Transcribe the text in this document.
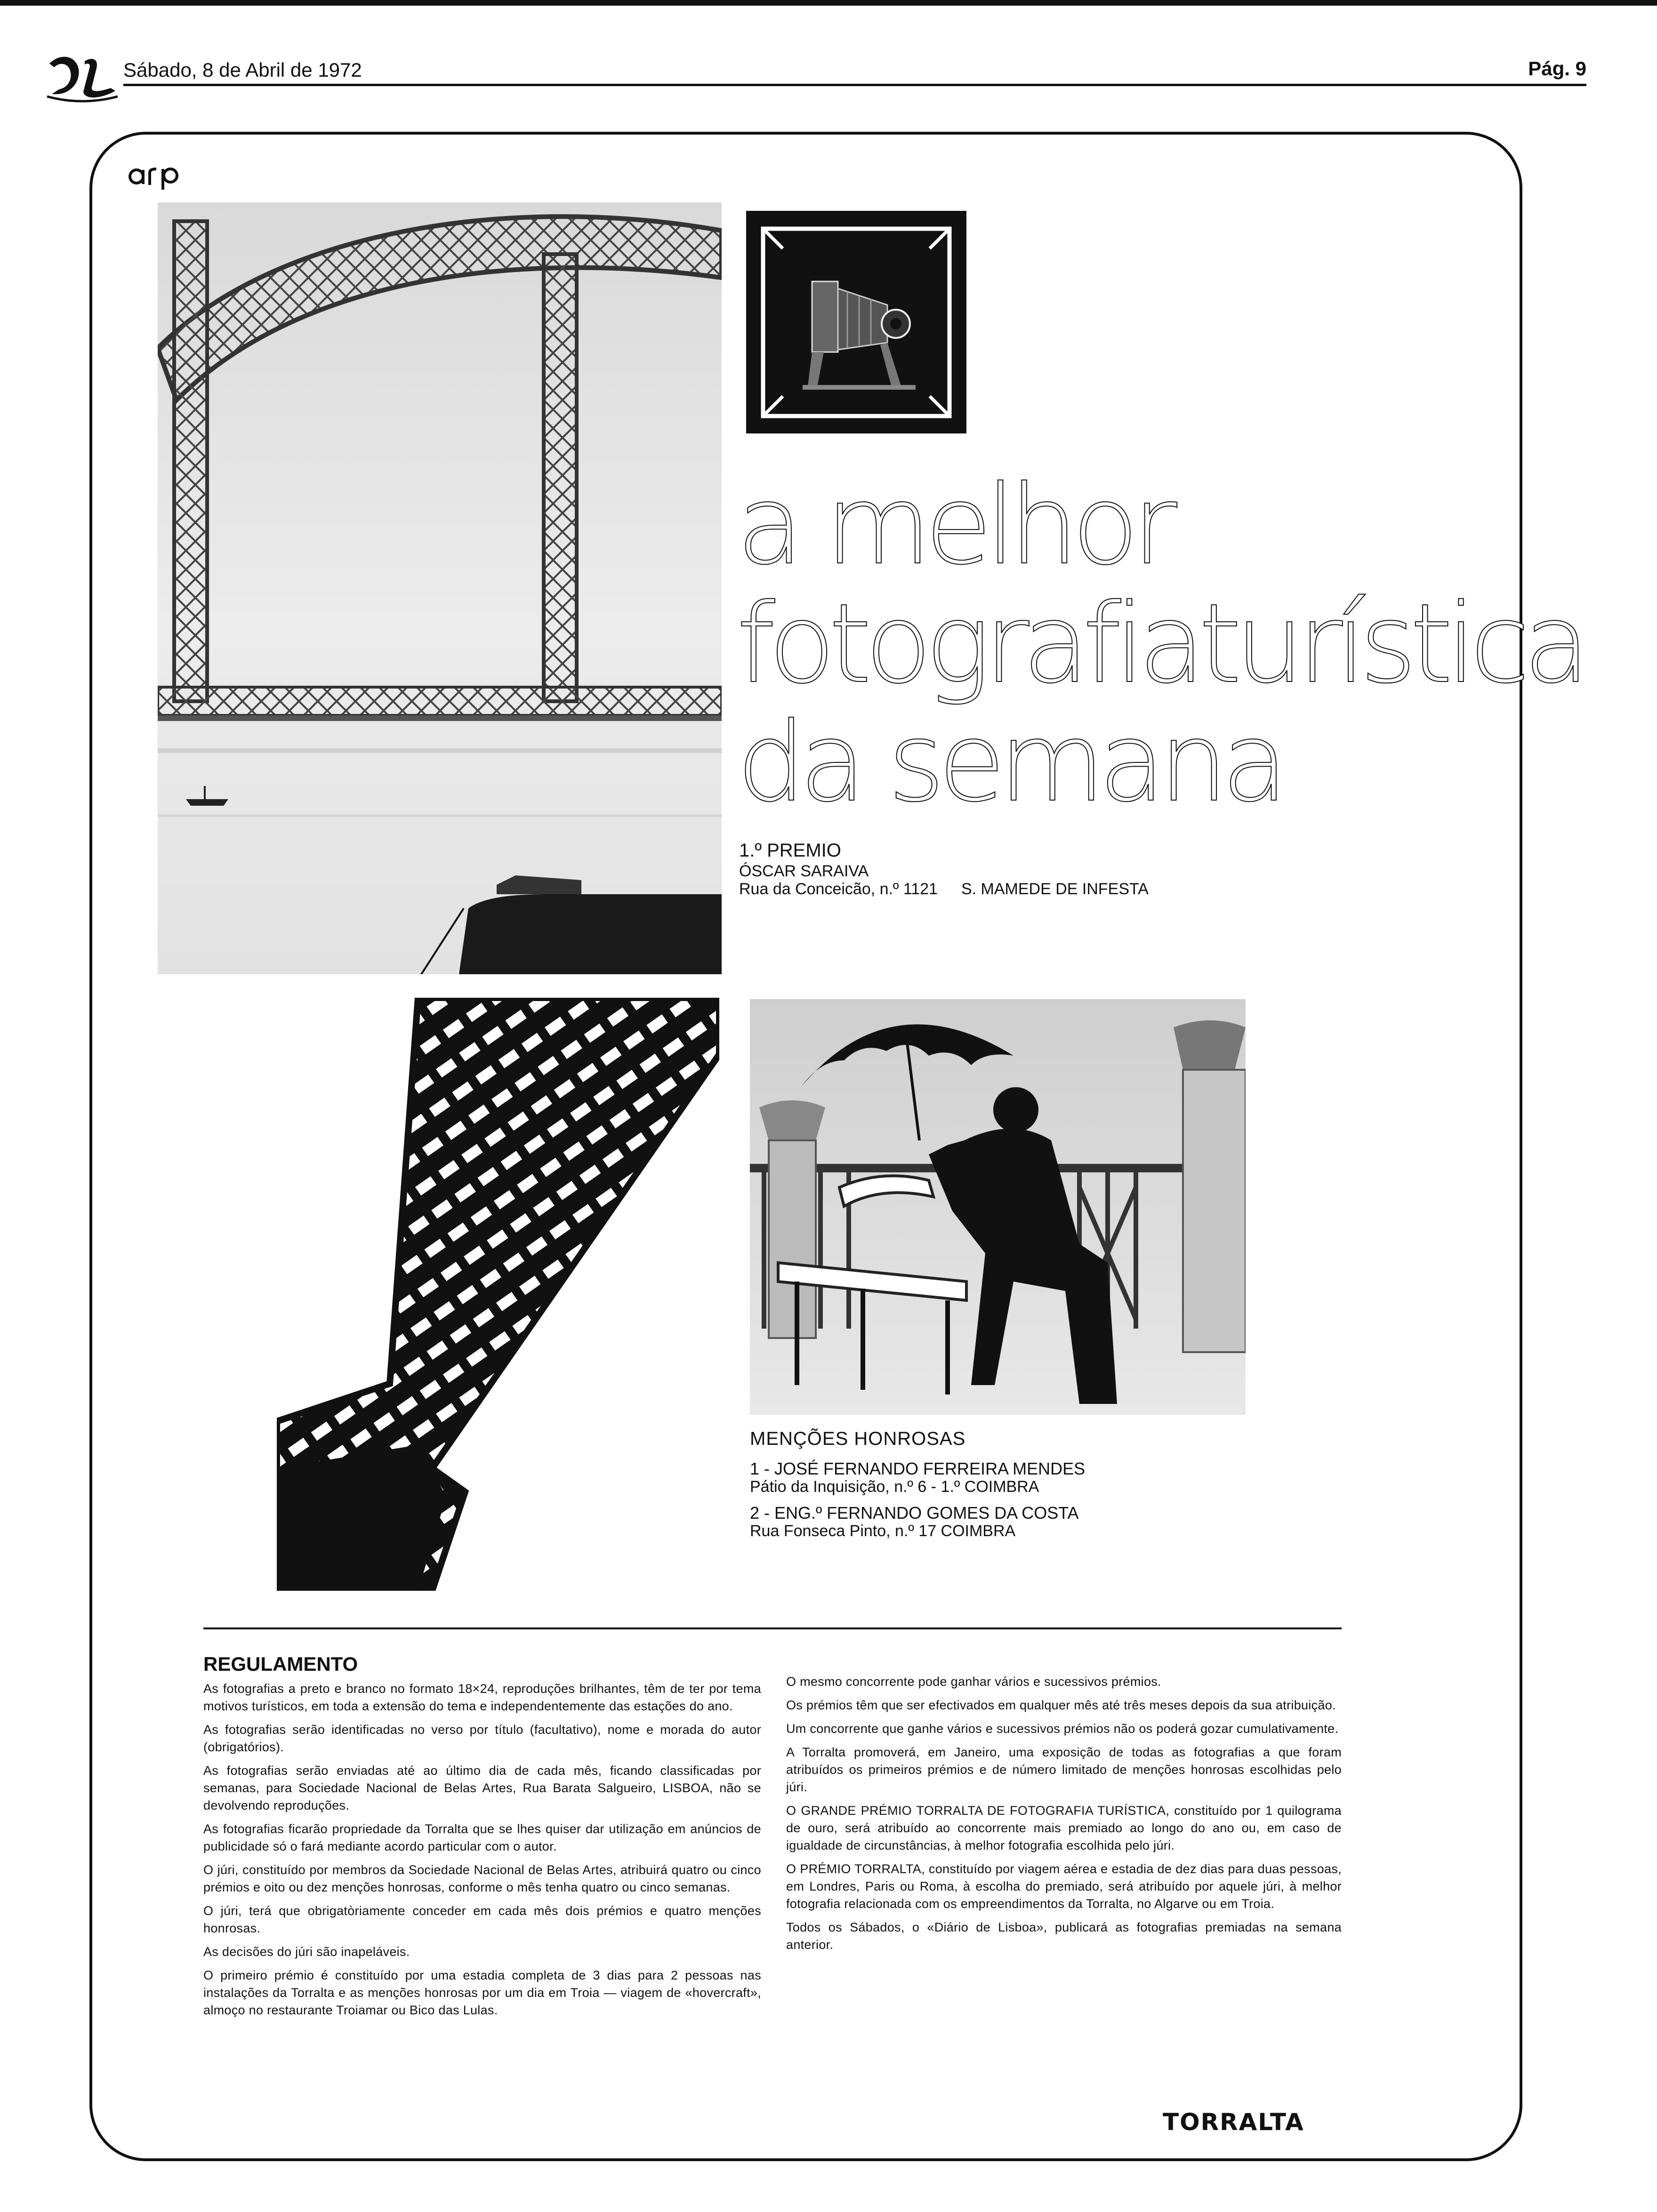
Sábado, 8 de Abril de 1972	Pág. 9
a melhor
fotografiaturística
da semana
1.º PREMIO
ÓSCAR SARAIVA
Rua da Conceicão, n.º 1121 S. MAMEDE DE INFESTA
MENÇÕES HONROSAS
1 - JOSÉ FERNANDO FERREIRA MENDES
Pátio da Inquisição, n.º 6 - 1.º COIMBRA
2 - ENG.º FERNANDO GOMES DA COSTA
Rua Fonseca Pinto, n.º 17 COIMBRA
REGULAMENTO

As fotografias a preto e branco no formato 18×24, reproduções brilhantes, têm de ter por tema motivos turísticos, em toda a extensão do tema e independentemente das estações do ano.

As fotografias serão identificadas no verso por título (facultativo), nome e morada do autor (obrigatórios).

As fotografias serão enviadas até ao último dia de cada mês, ficando classificadas por semanas, para Sociedade Nacional de Belas Artes, Rua Barata Salgueiro, LISBOA, não se devolvendo reproduções.

As fotografias ficarão propriedade da Torralta que se lhes quiser dar utilização em anúncios de publicidade só o fará mediante acordo particular com o autor.

O júri, constituído por membros da Sociedade Nacional de Belas Artes, atribuirá quatro ou cinco prémios e oito ou dez menções honrosas, conforme o mês tenha quatro ou cinco semanas.

O júri, terá que obrigatòriamente conceder em cada mês dois prémios e quatro menções honrosas.

As decisões do júri são inapeláveis.

O primeiro prémio é constituído por uma estadia completa de 3 dias para 2 pessoas nas instalações da Torralta e as menções honrosas por um dia em Troia — viagem de «hovercraft», almoço no restaurante Troiamar ou Bico das Lulas.

O mesmo concorrente pode ganhar vários e sucessivos prémios.

Os prémios têm que ser efectivados em qualquer mês até três meses depois da sua atribuição.

Um concorrente que ganhe vários e sucessivos prémios não os poderá gozar cumulativamente.

A Torralta promoverá, em Janeiro, uma exposição de todas as fotografias a que foram atribuídos os primeiros prémios e de número limitado de menções honrosas escolhidas pelo júri.

O GRANDE PRÉMIO TORRALTA DE FOTOGRAFIA TURÍSTICA, constituído por 1 quilograma de ouro, será atribuído ao concorrente mais premiado ao longo do ano ou, em caso de igualdade de circunstâncias, à melhor fotografia escolhida pelo júri.

O PRÉMIO TORRALTA, constituído por viagem aérea e estadia de dez dias para duas pessoas, em Londres, Paris ou Roma, à escolha do premiado, será atribuído por aquele júri, à melhor fotografia relacionada com os empreendimentos da Torralta, no Algarve ou em Troia.

Todos os Sábados, o «Diário de Lisboa», publicará as fotografias premiadas na semana anterior.

TORRALTA
